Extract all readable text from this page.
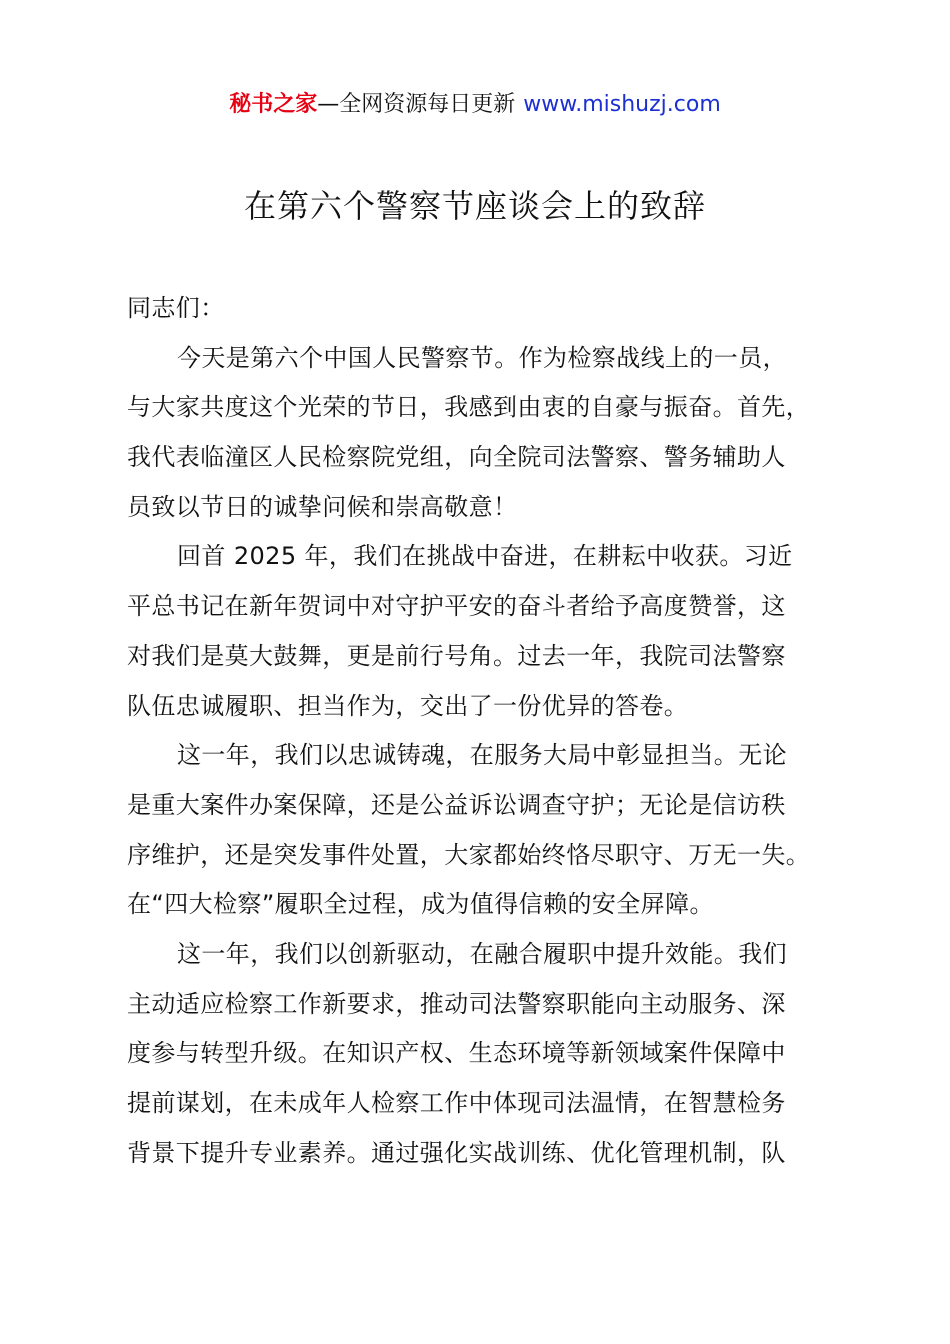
秘书之家—全网资源每日更新 www.mishuzj.com
在第六个警察节座谈会上的致辞
同志们：
今天是第六个中国人民警察节。作为检察战线上的一员，
与大家共度这个光荣的节日，我感到由衷的自豪与振奋。首先，
我代表临潼区人民检察院党组，向全院司法警察、警务辅助人
员致以节日的诚挚问候和崇高敬意！
回首 2025 年，我们在挑战中奋进，在耕耘中收获。习近
平总书记在新年贺词中对守护平安的奋斗者给予高度赞誉，这
对我们是莫大鼓舞，更是前行号角。过去一年，我院司法警察
队伍忠诚履职、担当作为，交出了一份优异的答卷。
这一年，我们以忠诚铸魂，在服务大局中彰显担当。无论
是重大案件办案保障，还是公益诉讼调查守护；无论是信访秩
序维护，还是突发事件处置，大家都始终恪尽职守、万无一失。
在“四大检察”履职全过程，成为值得信赖的安全屏障。
这一年，我们以创新驱动，在融合履职中提升效能。我们
主动适应检察工作新要求，推动司法警察职能向主动服务、深
度参与转型升级。在知识产权、生态环境等新领域案件保障中
提前谋划，在未成年人检察工作中体现司法温情，在智慧检务
背景下提升专业素养。通过强化实战训练、优化管理机制，队
